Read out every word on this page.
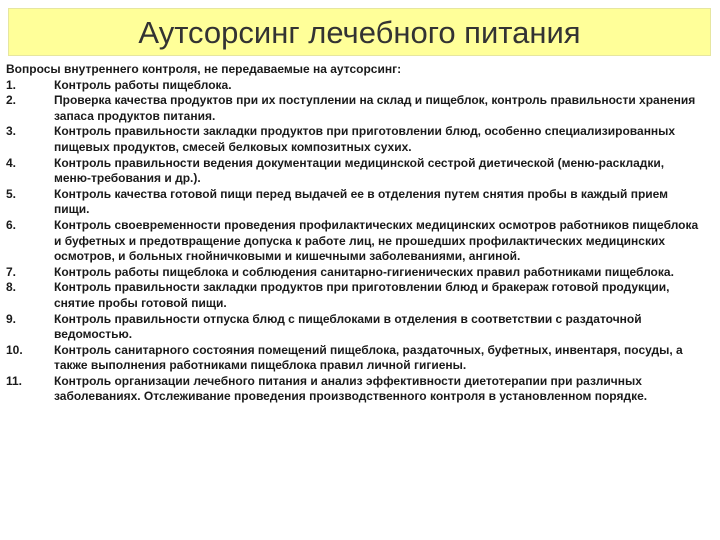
Аутсорсинг лечебного питания

Вопросы внутреннего контроля, не передаваемые на аутсорсинг:

1.	Контроль работы пищеблока.
2.	Проверка качества продуктов при их поступлении на склад и пищеблок, контроль правильности хранения запаса продуктов питания.
3.	Контроль правильности закладки продуктов при приготовлении блюд, особенно специализированных пищевых продуктов, смесей белковых композитных сухих.
4.	Контроль правильности ведения документации медицинской сестрой диетической (меню-раскладки, меню-требования и др.).
5.	Контроль качества готовой пищи перед выдачей ее в отделения путем снятия пробы в каждый прием пищи.
6.	Контроль своевременности проведения профилактических медицинских осмотров работников пищеблока и буфетных и предотвращение допуска к работе лиц, не прошедших профилактических медицинских осмотров, и больных гнойничковыми и кишечными заболеваниями, ангиной.
7.	Контроль работы пищеблока и соблюдения санитарно-гигиенических правил работниками пищеблока.
8.	Контроль правильности закладки продуктов при приготовлении блюд и бракераж готовой продукции, снятие пробы готовой пищи.
9.	Контроль правильности отпуска блюд с пищеблоками в отделения в соответствии с раздаточной ведомостью.
10.	Контроль санитарного состояния помещений пищеблока, раздаточных, буфетных, инвентаря, посуды, а также выполнения работниками пищеблока правил личной гигиены.
11.	Контроль организации лечебного питания и анализ эффективности диетотерапии при различных заболеваниях. Отслеживание проведения производственного контроля в установленном порядке.
